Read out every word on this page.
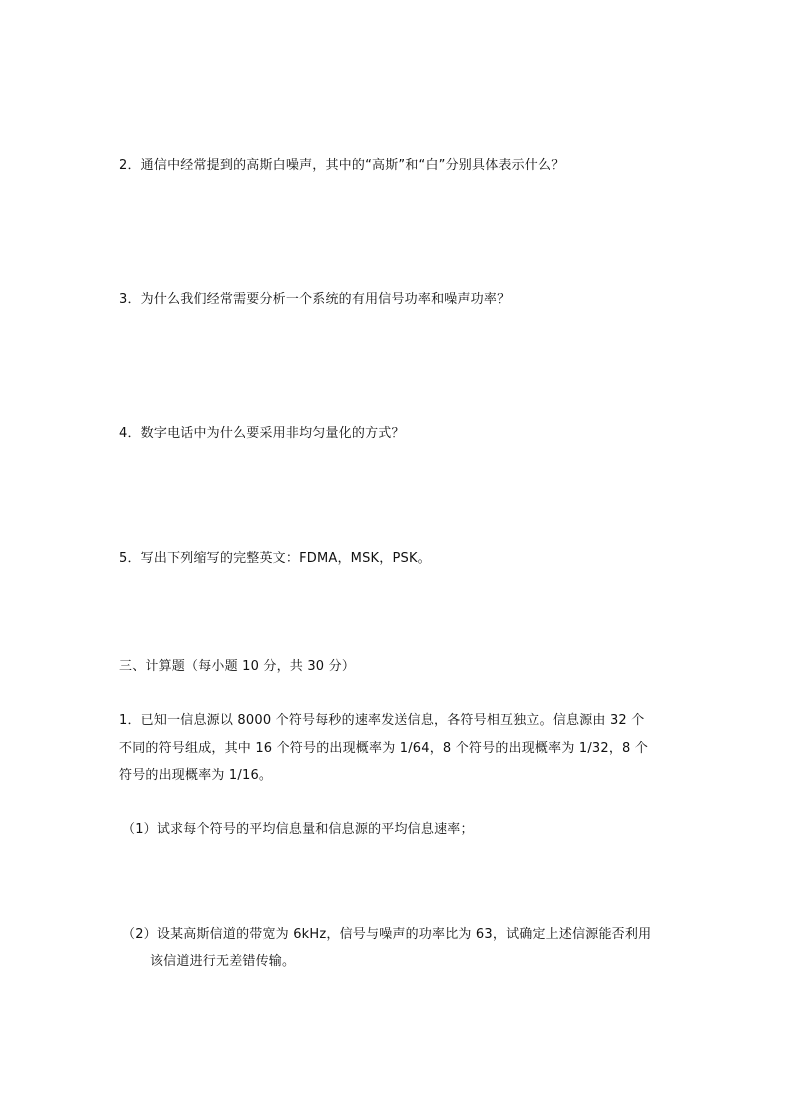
2．通信中经常提到的高斯白噪声，其中的“高斯”和“白”分别具体表示什么？
3．为什么我们经常需要分析一个系统的有用信号功率和噪声功率？
4．数字电话中为什么要采用非均匀量化的方式？
5．写出下列缩写的完整英文：FDMA，MSK，PSK。
三、计算题（每小题 10 分，共 30 分）
1．已知一信息源以 8000 个符号每秒的速率发送信息，各符号相互独立。信息源由 32 个
不同的符号组成，其中 16 个符号的出现概率为 1/64，8 个符号的出现概率为 1/32，8 个
符号的出现概率为 1/16。
（1）试求每个符号的平均信息量和信息源的平均信息速率；
（2）设某高斯信道的带宽为 6kHz，信号与噪声的功率比为 63，试确定上述信源能否利用
该信道进行无差错传输。
